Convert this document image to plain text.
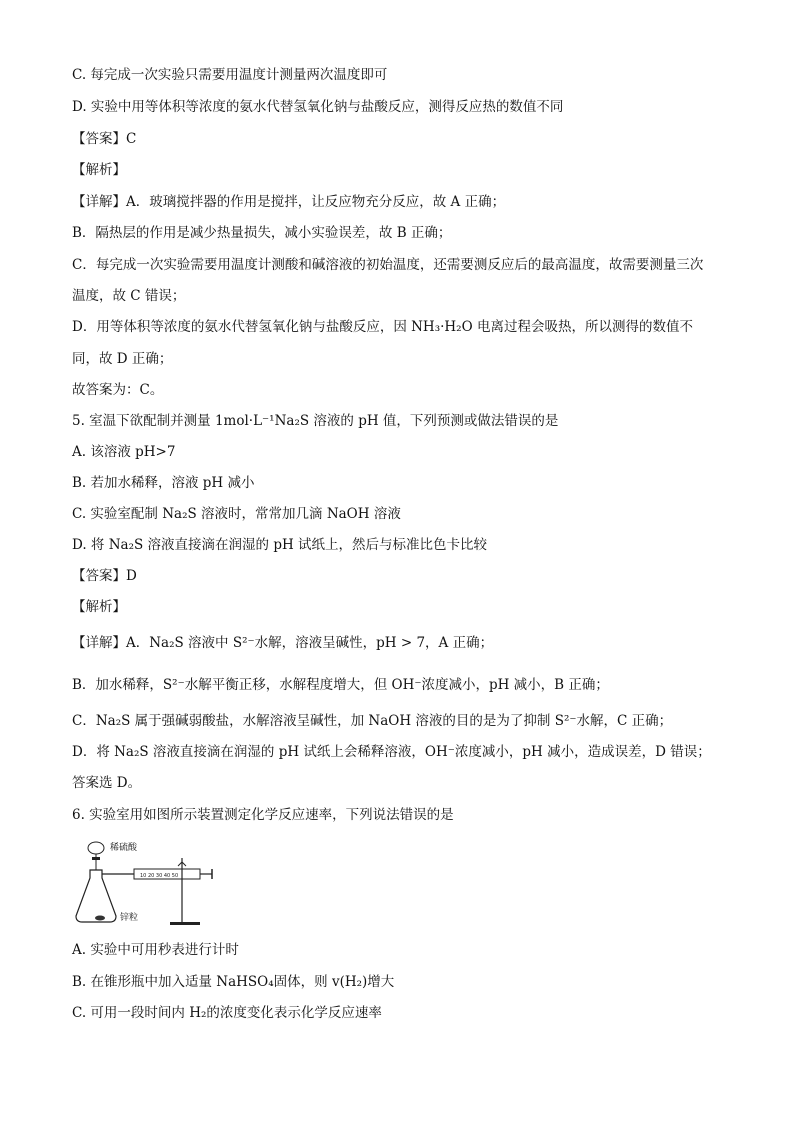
C. 每完成一次实验只需要用温度计测量两次温度即可
D. 实验中用等体积等浓度的氨水代替氢氧化钠与盐酸反应，测得反应热的数值不同
【答案】C
【解析】
【详解】A．玻璃搅拌器的作用是搅拌，让反应物充分反应，故 A 正确；
B．隔热层的作用是减少热量损失，减小实验误差，故 B 正确；
C．每完成一次实验需要用温度计测酸和碱溶液的初始温度，还需要测反应后的最高温度，故需要测量三次
温度，故 C 错误；
D．用等体积等浓度的氨水代替氢氧化钠与盐酸反应，因 NH₃·H₂O 电离过程会吸热，所以测得的数值不
同，故 D 正确；
故答案为：C。
5. 室温下欲配制并测量 1mol·L⁻¹Na₂S 溶液的 pH 值，下列预测或做法错误的是
A. 该溶液 pH>7
B. 若加水稀释，溶液 pH 减小
C. 实验室配制 Na₂S 溶液时，常常加几滴 NaOH 溶液
D. 将 Na₂S 溶液直接滴在润湿的 pH 试纸上，然后与标准比色卡比较
【答案】D
【解析】
【详解】A．Na₂S 溶液中 S²⁻水解，溶液呈碱性，pH > 7，A 正确；
B．加水稀释，S²⁻水解平衡正移，水解程度增大，但 OH⁻浓度减小，pH 减小，B 正确；
C．Na₂S 属于强碱弱酸盐，水解溶液呈碱性，加 NaOH 溶液的目的是为了抑制 S²⁻水解，C 正确；
D．将 Na₂S 溶液直接滴在润湿的 pH 试纸上会稀释溶液，OH⁻浓度减小，pH 减小，造成误差，D 错误；
答案选 D。
6. 实验室用如图所示装置测定化学反应速率，下列说法错误的是
10 20 30 40 50
稀硫酸
锌粒
A. 实验中可用秒表进行计时
B. 在锥形瓶中加入适量 NaHSO₄固体，则 v(H₂)增大
C. 可用一段时间内 H₂的浓度变化表示化学反应速率
